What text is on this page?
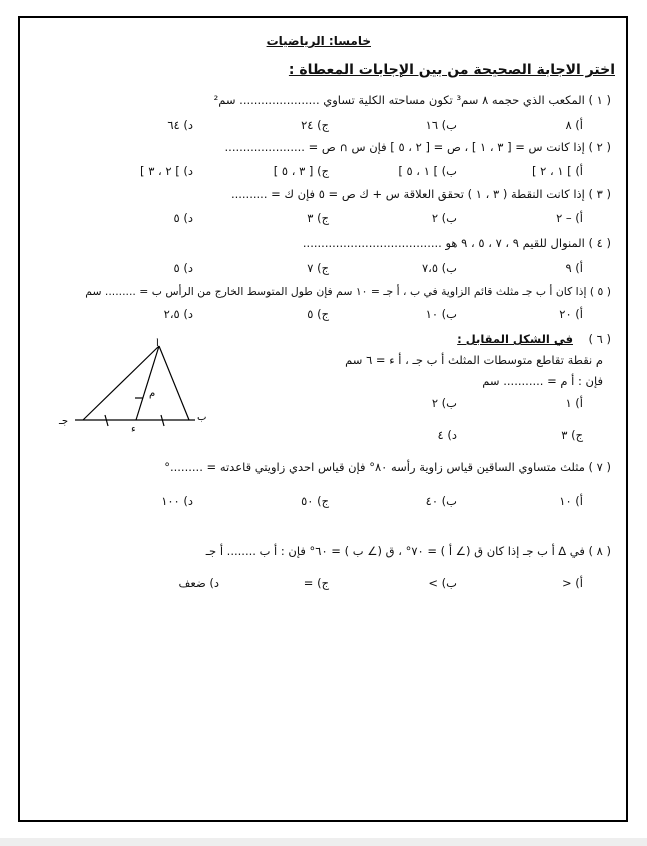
خامسا: الرياضيات
اختر الاجابة الصحيحة من بين الإجابات المعطاة :
( ١ ) المكعب الذي حجمه ٨ سم³ تكون مساحته الكلية تساوي ...................... سم²
أ) ٨
ب) ١٦
ج) ٢٤
د) ٦٤
( ٢ ) إذا كانت س = [ ٣ ، ١ ] ، ص = [ ٢ ، ٥ ] فإن س ∩ ص = ......................
أ) ] ١ ، ٢ ]
ب) ] ١ ، ٥ ]
ج) [ ٣ ، ٥ ]
د) ] ٢ ، ٣ ]
( ٣ ) إذا كانت النقطة ( ٣ ، ١ ) تحقق العلاقة س + ك ص = ٥ فإن ك = ..........
أ) – ٢
ب) ٢
ج) ٣
د) ٥
( ٤ ) المنوال للقيم ٩ ، ٧ ، ٥ ، ٩ هو ......................................
أ) ٩
ب) ٧،٥
ج) ٧
د) ٥
( ٥ ) إذا كان أ ب جـ مثلث قائم الزاوية في ب ، أ جـ = ١٠ سم فإن طول المتوسط الخارج من الرأس ب = ......... سم
أ) ٢٠
ب) ١٠
ج) ٥
د) ٢،٥
( ٦ )
في الشكل المقابل :
م نقطة تقاطع متوسطات المثلث أ ب جـ ، أ ء = ٦ سم
فإن : أ م = ........... سم
أ) ١
ب) ٢
ج) ٣
د) ٤
أ
جـ	ب
م
ء
( ٧ ) مثلث متساوي الساقين قياس زاوية رأسه ٨٠° فإن قياس احدي زاويتي قاعدته = .........°
أ) ١٠
ب) ٤٠
ج) ٥٠
د) ١٠٠
( ٨ ) في ∆ أ ب جـ إذا كان ق (∠ أ ) = ٧٠° ، ق (∠ ب ) = ٦٠° فإن : أ ب ........ أ جـ
أ) <
ب) >
ج) =
د) ضعف
